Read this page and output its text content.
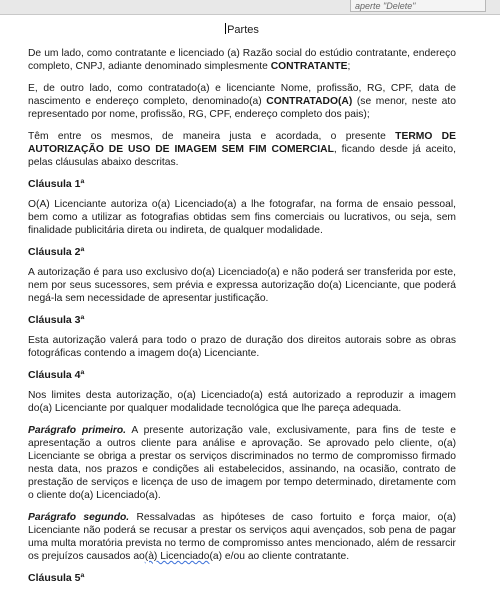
aperte "Delete"
Partes

De um lado, como contratante e licenciado (a) Razão social do estúdio contratante, endereço completo, CNPJ, adiante denominado simplesmente CONTRATANTE;

E, de outro lado, como contratado(a) e licenciante Nome, profissão, RG, CPF, data de nascimento e endereço completo, denominado(a) CONTRATADO(A) (se menor, neste ato representado por nome, profissão, RG, CPF, endereço completo dos pais);

Têm entre os mesmos, de maneira justa e acordada, o presente TERMO DE AUTORIZAÇÃO DE USO DE IMAGEM SEM FIM COMERCIAL, ficando desde já aceito, pelas cláusulas abaixo descritas.

Cláusula 1ª

O(A) Licenciante autoriza o(a) Licenciado(a) a lhe fotografar, na forma de ensaio pessoal, bem como a utilizar as fotografias obtidas sem fins comerciais ou lucrativos, ou seja, sem finalidade publicitária direta ou indireta, de qualquer modalidade.

Cláusula 2ª

A autorização é para uso exclusivo do(a) Licenciado(a) e não poderá ser transferida por este, nem por seus sucessores, sem prévia e expressa autorização do(a) Licenciante, que poderá negá-la sem necessidade de apresentar justificação.

Cláusula 3ª

Esta autorização valerá para todo o prazo de duração dos direitos autorais sobre as obras fotográficas contendo a imagem do(a) Licenciante.

Cláusula 4ª

Nos limites desta autorização, o(a) Licenciado(a) está autorizado a reproduzir a imagem do(a) Licenciante por qualquer modalidade tecnológica que lhe pareça adequada.

Parágrafo primeiro. A presente autorização vale, exclusivamente, para fins de teste e apresentação a outros cliente para análise e aprovação. Se aprovado pelo cliente, o(a) Licenciante se obriga a prestar os serviços discriminados no termo de compromisso firmado nesta data, nos prazos e condições ali estabelecidos, assinando, na ocasião, contrato de prestação de serviços e licença de uso de imagem por tempo determinado, diretamente com o cliente do(a) Licenciado(a).

Parágrafo segundo. Ressalvadas as hipóteses de caso fortuito e força maior, o(a) Licenciante não poderá se recusar a prestar os serviços aqui avençados, sob pena de pagar uma multa moratória prevista no termo de compromisso antes mencionado, além de ressarcir os prejuízos causados ao(à) Licenciado(a) e/ou ao cliente contratante.

Cláusula 5ª
